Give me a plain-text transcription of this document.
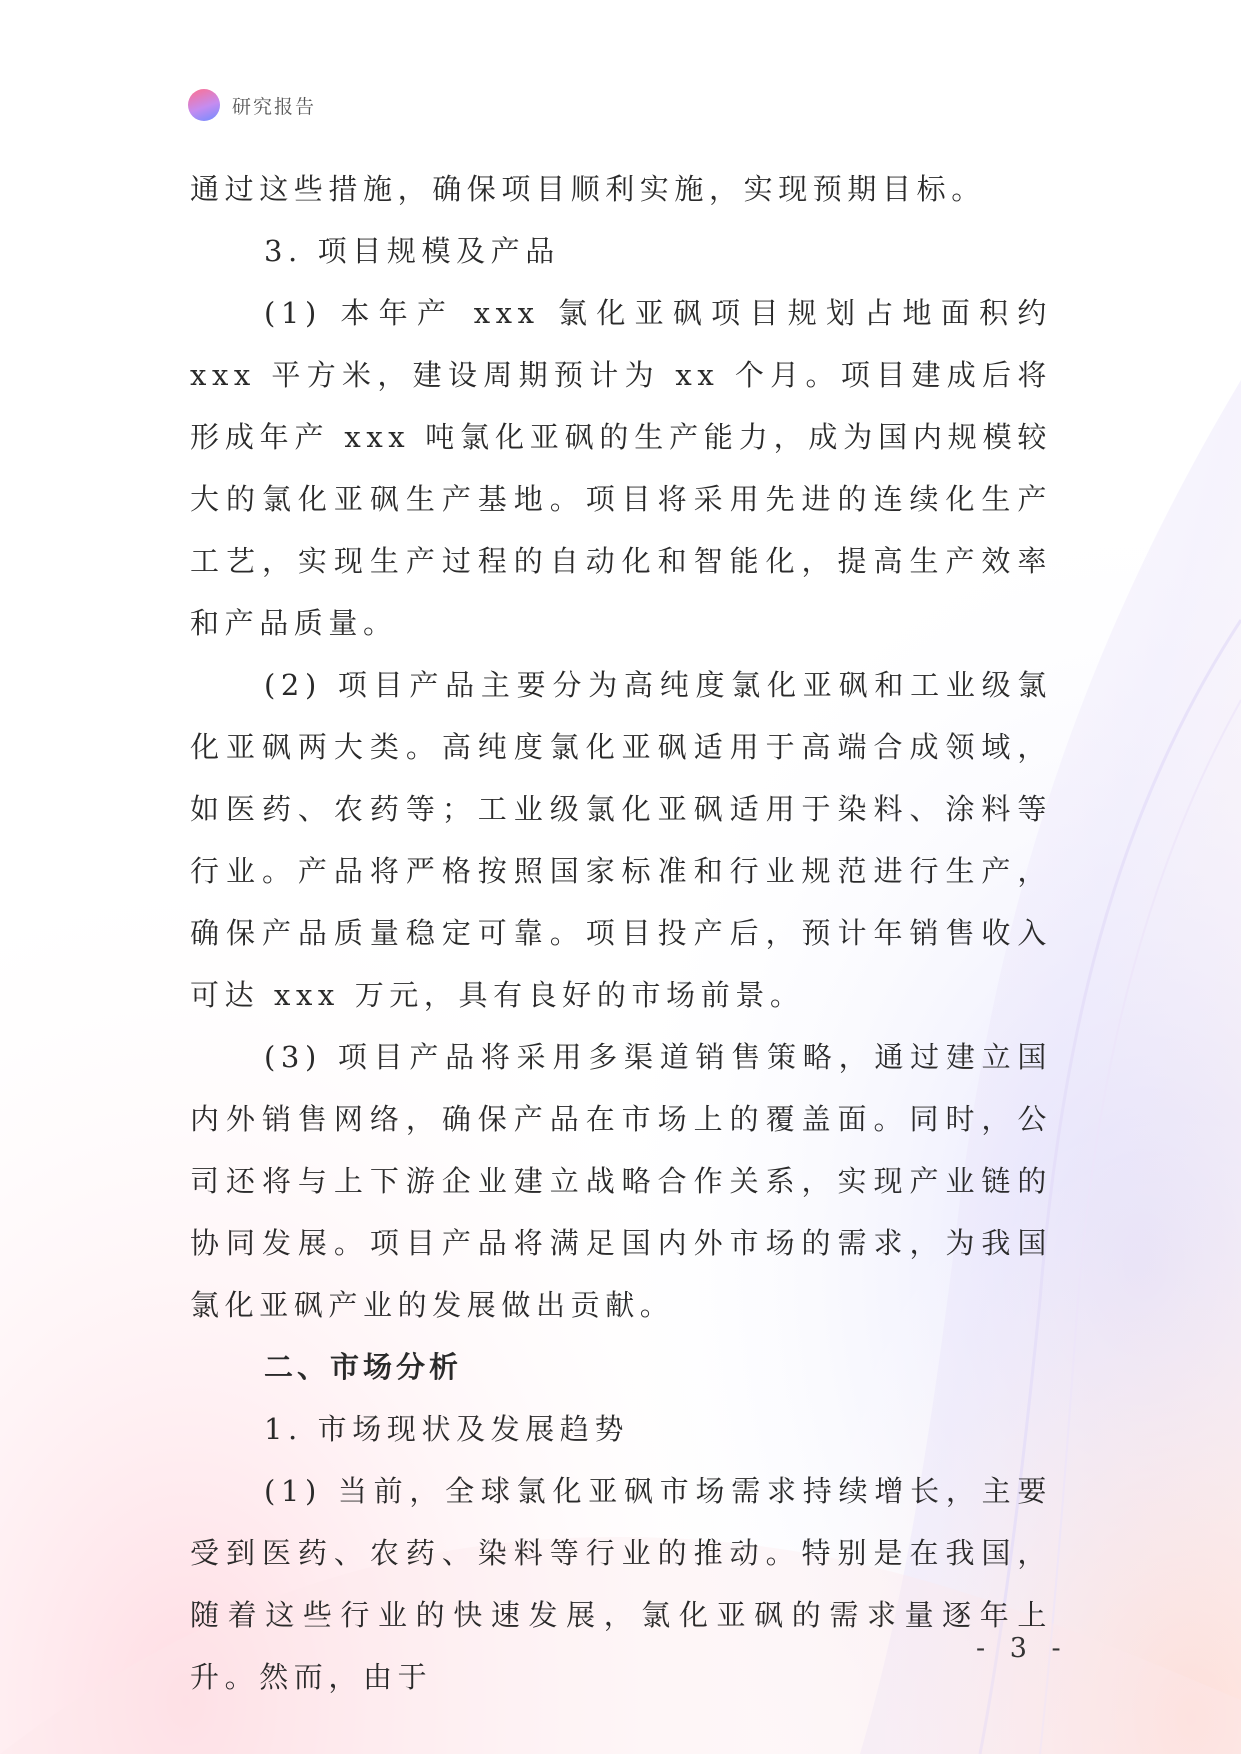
研究报告

通过这些措施，确保项目顺利实施，实现预期目标。

3. 项目规模及产品

(1) 本年产 xxx 氯化亚砜项目规划占地面积约 xxx 平方米，建设周期预计为 xx 个月。项目建成后将形成年产 xxx 吨氯化亚砜的生产能力，成为国内规模较大的氯化亚砜生产基地。项目将采用先进的连续化生产工艺，实现生产过程的自动化和智能化，提高生产效率和产品质量。

(2) 项目产品主要分为高纯度氯化亚砜和工业级氯化亚砜两大类。高纯度氯化亚砜适用于高端合成领域，如医药、农药等；工业级氯化亚砜适用于染料、涂料等行业。产品将严格按照国家标准和行业规范进行生产，确保产品质量稳定可靠。项目投产后，预计年销售收入可达 xxx 万元，具有良好的市场前景。

(3) 项目产品将采用多渠道销售策略，通过建立国内外销售网络，确保产品在市场上的覆盖面。同时，公司还将与上下游企业建立战略合作关系，实现产业链的协同发展。项目产品将满足国内外市场的需求，为我国氯化亚砜产业的发展做出贡献。

二、市场分析

1. 市场现状及发展趋势

(1) 当前，全球氯化亚砜市场需求持续增长，主要受到医药、农药、染料等行业的推动。特别是在我国，随着这些行业的快速发展，氯化亚砜的需求量逐年上升。然而，由于

- 3 -
